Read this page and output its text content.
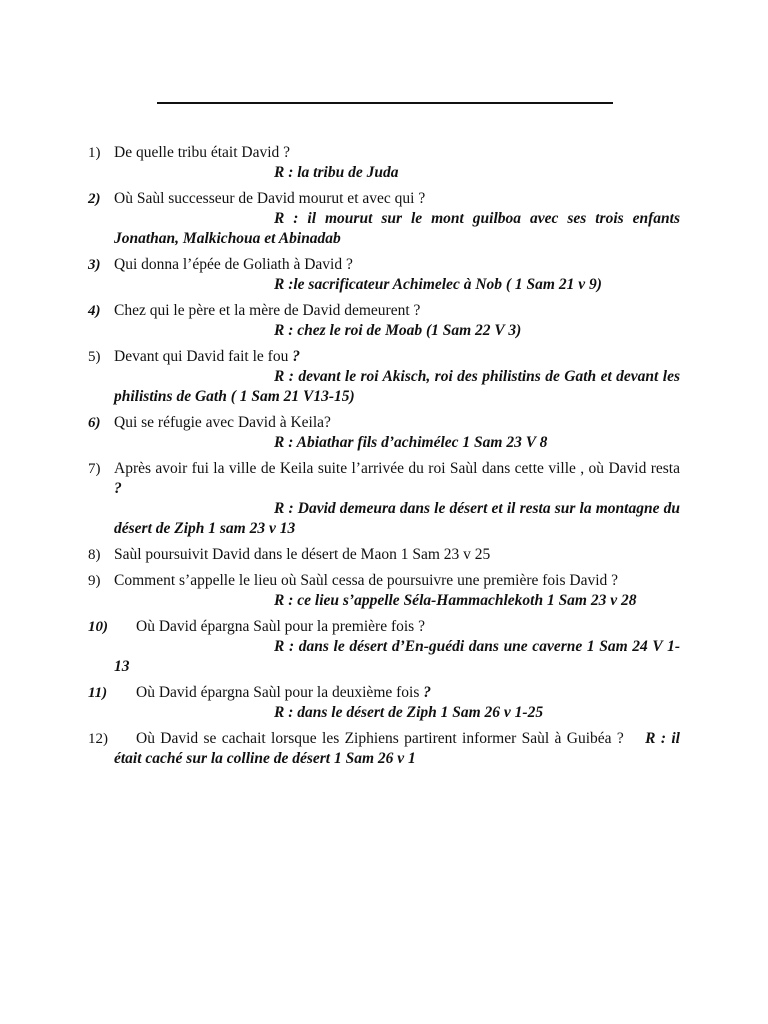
1) De quelle tribu était David ?
R : la tribu de Juda
2) Où Saùl successeur de David mourut et avec qui ?
R : il mourut sur le mont guilboa avec ses trois enfants Jonathan, Malkichoua et Abinadab
3) Qui donna l’épée de Goliath à David ?
R :le sacrificateur Achimelec à Nob ( 1 Sam 21 v 9)
4) Chez qui le père et la mère de David demeurent ?
R : chez le roi de Moab (1 Sam 22 V 3)
5) Devant qui David fait le fou ?
R : devant le roi Akisch, roi des philistins de Gath et devant les philistins de Gath ( 1 Sam 21 V13-15)
6) Qui se réfugie avec David à Keila?
R : Abiathar fils d’achimélec 1 Sam 23 V 8
7) Après avoir fui la ville de Keila suite l’arrivée du roi Saùl dans cette ville , où David resta ?
R : David demeura dans le désert et il resta sur la montagne du désert de Ziph 1 sam 23 v 13
8) Saùl poursuivit David dans le désert de Maon 1 Sam 23 v 25
9) Comment s’appelle le lieu où Saùl cessa de poursuivre une première fois David ?
R : ce lieu s’appelle Séla-Hammachlekoth 1 Sam 23 v 28
10)	Où David épargna Saùl pour la première fois ?
R : dans le désert d’En-guédi dans une caverne 1 Sam 24 V 1- 13
11)	Où David épargna Saùl pour la deuxième fois ?
R : dans le désert de Ziph 1 Sam 26 v 1-25
12)	Où David se cachait lorsque les Ziphiens partirent informer Saùl à Guibéa ? R : il était caché sur la colline de désert 1 Sam 26 v 1
